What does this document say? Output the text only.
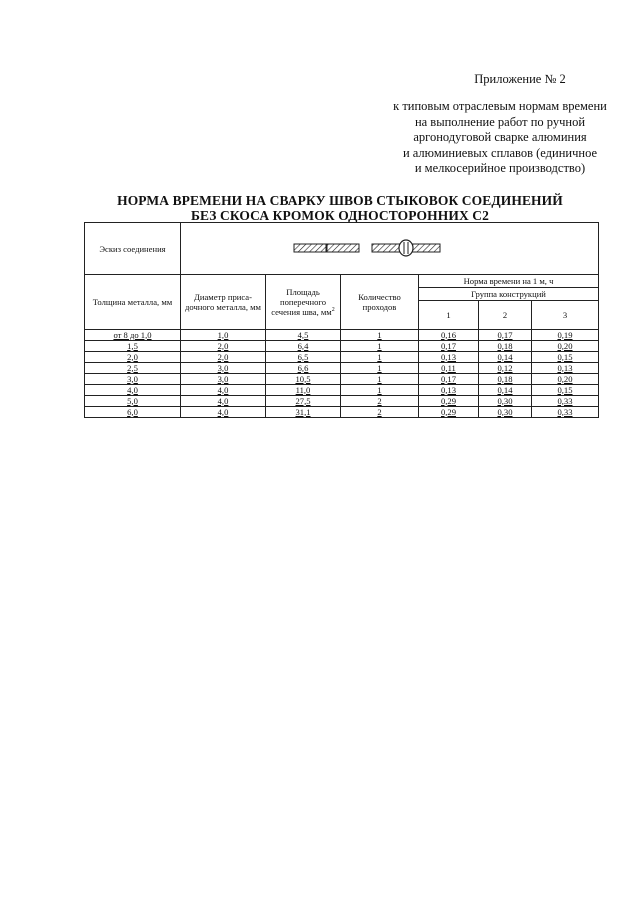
Приложение № 2
к типовым отраслевым нормам времени
на выполнение работ по ручной
аргонодуговой сварке алюминия
и алюминиевых сплавов (единичное
и мелкосерийное производство)
НОРМА ВРЕМЕНИ НА СВАРКУ ШВОВ СТЫКОВОК СОЕДИНЕНИЙ
БЕЗ СКОСА КРОМОК ОДНОСТОРОННИХ С2
Эскиз соединения	
Толщина металла, мм	Диаметр приса- дочного металла, мм	Площадь поперечного сечения шва, $мм^2$	Количество проходов	Норма времени на 1 м, ч		
				Группа конструкций		
				1	2	3
от 8 до 1,0	1,0	4,5	1	0,16	0,17	0,19
1,5	2,0	6,4	1	0,17	0,18	0,20
2,0	2,0	6,5	1	0,13	0,14	0,15
2,5	3,0	6,6	1	0,11	0,12	0,13
3,0	3,0	10,5	1	0,17	0,18	0,20
4,0	4,0	11,0	1	0,13	0,14	0,15
5,0	4,0	27,5	2	0,29	0,30	0,33
6,0	4,0	31,1	2	0,29	0,30	0,33
